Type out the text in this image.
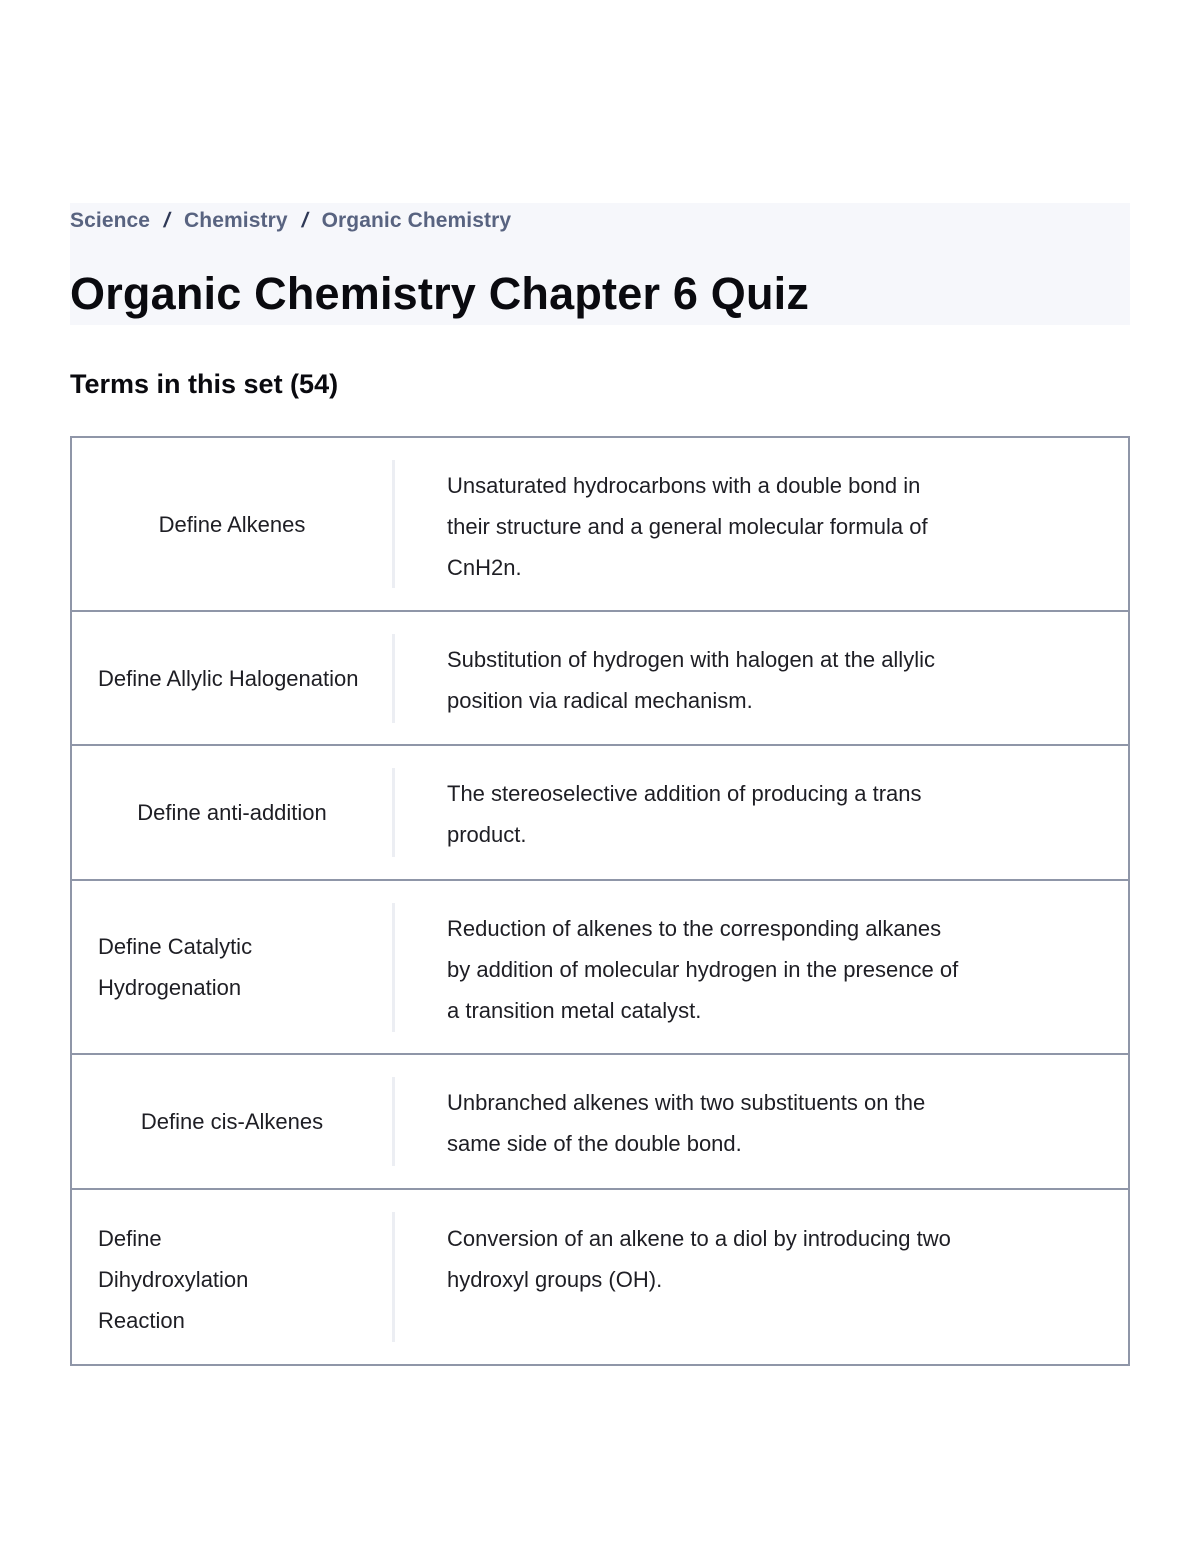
Science / Chemistry / Organic Chemistry
Organic Chemistry Chapter 6 Quiz
Terms in this set (54)
Define Alkenes
Unsaturated hydrocarbons with a double bond in their structure and a general molecular formula of CnH2n.
Define Allylic Halogenation
Substitution of hydrogen with halogen at the allylic position via radical mechanism.
Define anti-addition
The stereoselective addition of producing a trans product.
Define Catalytic Hydrogenation
Reduction of alkenes to the corresponding alkanes by addition of molecular hydrogen in the presence of a transition metal catalyst.
Define cis-Alkenes
Unbranched alkenes with two substituents on the same side of the double bond.
Define Dihydroxylation Reaction
Conversion of an alkene to a diol by introducing two hydroxyl groups (OH).
